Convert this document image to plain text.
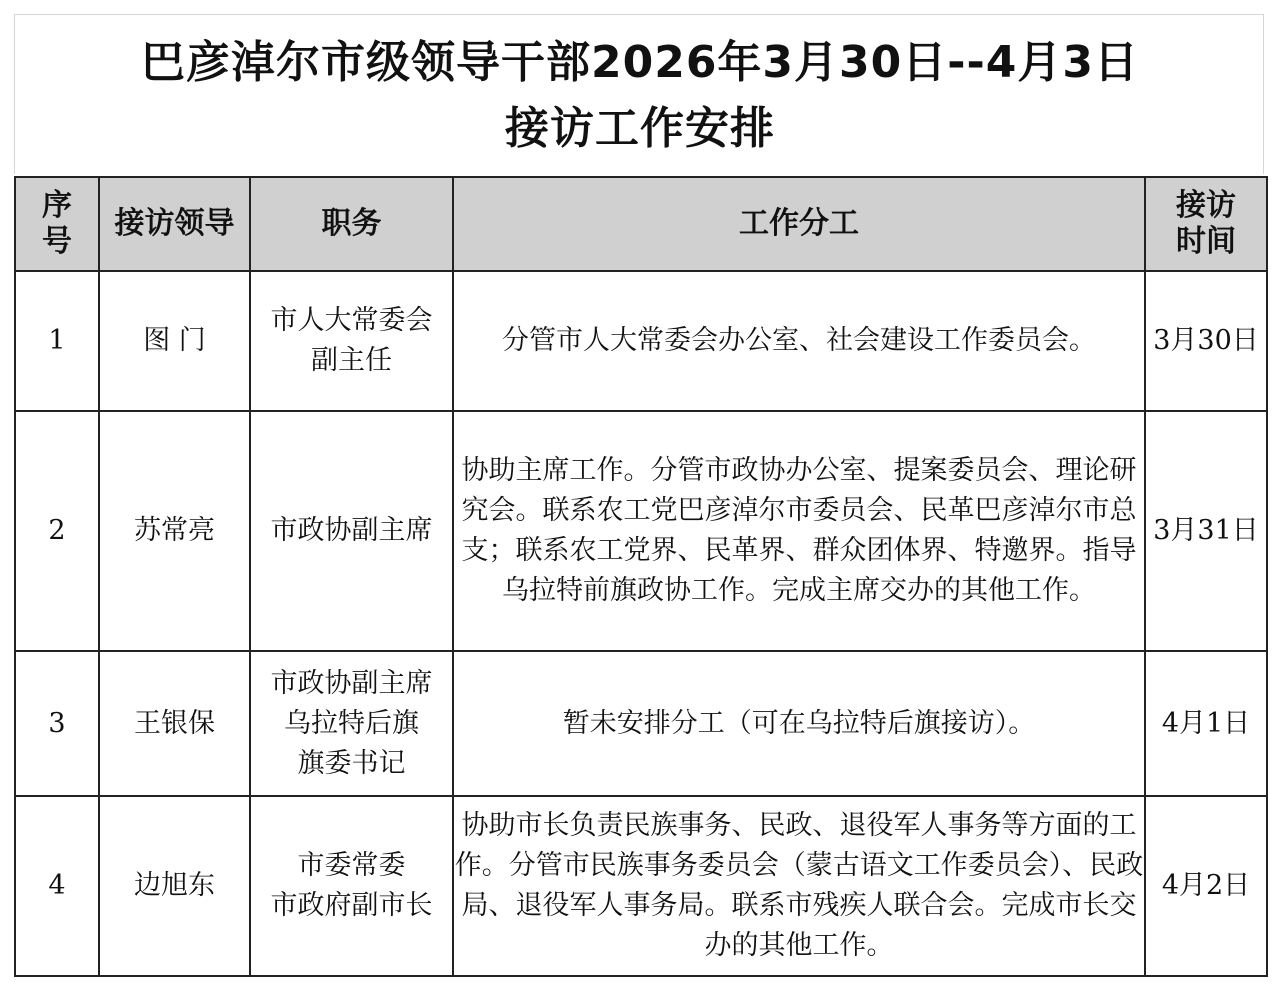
巴彦淖尔市级领导干部2026年3月30日--4月3日
接访工作安排
序
号	接访领导	职务	工作分工	接访
时间

1	图 门	市人大常委会
副主任	分管市人大常委会办公室、社会建设工作委员会。	3月30日
2	苏常亮	市政协副主席	协助主席工作。分管市政协办公室、提案委员会、理论研究会。联系农工党巴彦淖尔市委员会、民革巴彦淖尔市总支；联系农工党界、民革界、群众团体界、特邀界。指导乌拉特前旗政协工作。完成主席交办的其他工作。	3月31日
3	王银保	市政协副主席
乌拉特后旗
旗委书记	暂未安排分工（可在乌拉特后旗接访）。	4月1日
4	边旭东	市委常委
市政府副市长	协助市长负责民族事务、民政、退役军人事务等方面的工作。分管市民族事务委员会（蒙古语文工作委员会）、民政局、退役军人事务局。联系市残疾人联合会。完成市长交办的其他工作。	4月2日
